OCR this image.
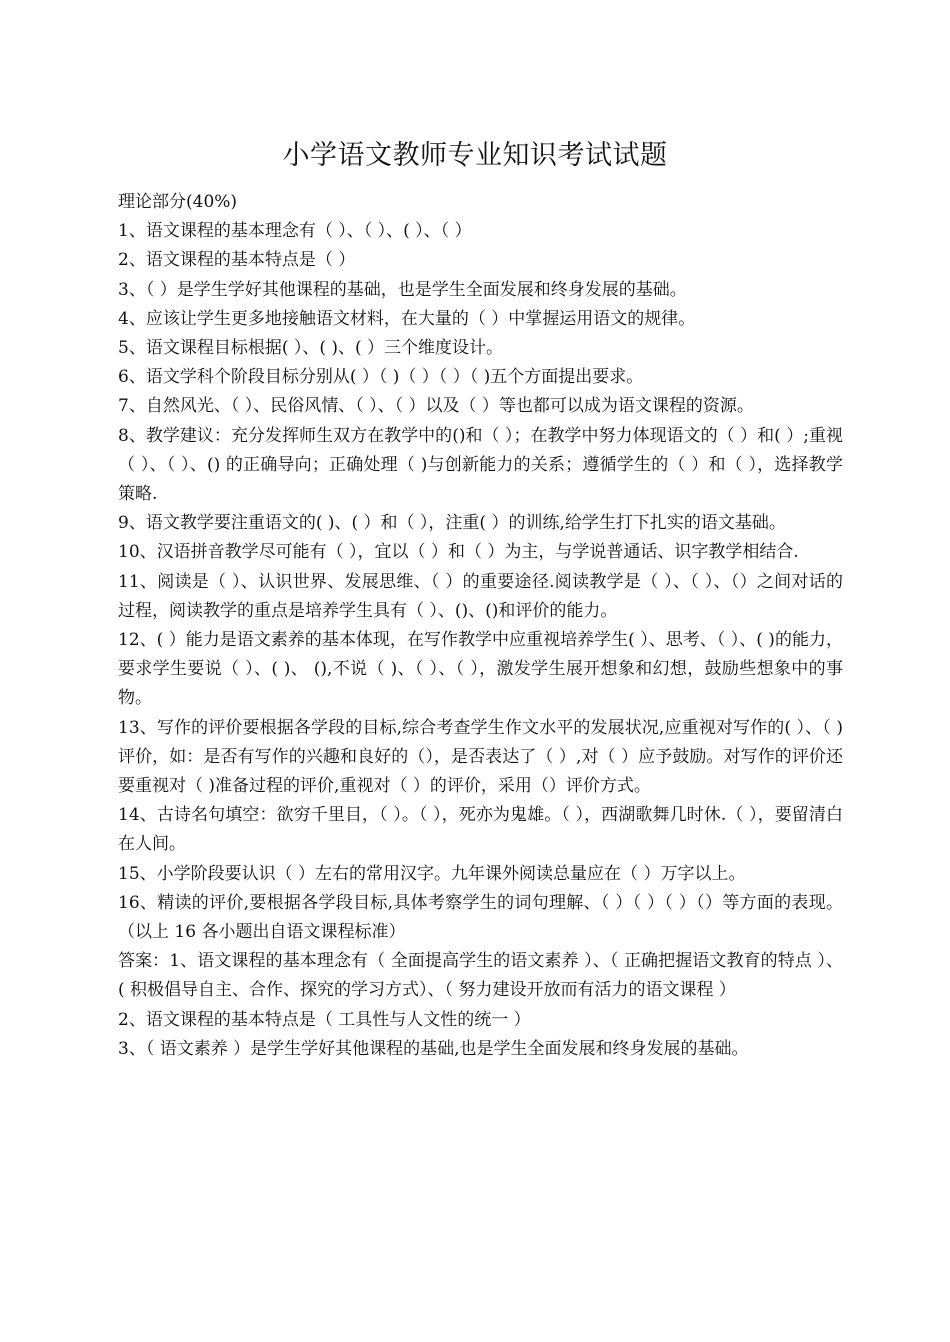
小学语文教师专业知识考试试题

理论部分(40%)

1、语文课程的基本理念有（ ）、（ ）、( ）、（ ）

2、语文课程的基本特点是（ ）

3、（ ）是学生学好其他课程的基础，也是学生全面发展和终身发展的基础。

4、应该让学生更多地接触语文材料，在大量的（ ）中掌握运用语文的规律。

5、语文课程目标根据( ）、( )、( ）三个维度设计。

6、语文学科个阶段目标分别从( ）（ )（ ）（ ）（ )五个方面提出要求。

7、自然风光、（ ）、民俗风情、（ ）、（ ）以及（ ）等也都可以成为语文课程的资源。

8、教学建议：充分发挥师生双方在教学中的()和（ ）；在教学中努力体现语文的（ ）和( ）;重视（ ）、（ ）、() 的正确导向；正确处理（ )与创新能力的关系；遵循学生的（ ）和（ ），选择教学策略.

9、语文教学要注重语文的( )、( ）和（ ），注重( ）的训练,给学生打下扎实的语文基础。

10、汉语拼音教学尽可能有（ ），宜以（ ）和（ ）为主，与学说普通话、识字教学相结合.

11、阅读是（ ）、认识世界、发展思维、（ ）的重要途径.阅读教学是（ ）、（ ）、（）之间对话的过程，阅读教学的重点是培养学生具有（ ）、()、()和评价的能力。

12、( ）能力是语文素养的基本体现，在写作教学中应重视培养学生( ）、思考、（ ）、( )的能力，要求学生要说（ ）、( )、 (),不说（ )、（ ）、（ ），激发学生展开想象和幻想，鼓励些想象中的事物。

13、写作的评价要根据各学段的目标,综合考查学生作文水平的发展状况,应重视对写作的( ）、（ )评价，如：是否有写作的兴趣和良好的（），是否表达了（ ）,对（ ）应予鼓励。对写作的评价还要重视对（ )准备过程的评价,重视对（ ）的评价，采用（）评价方式。

14、古诗名句填空：欲穷千里目，（ ）。（ ），死亦为鬼雄。（ ），西湖歌舞几时休.（ ），要留清白在人间。

15、小学阶段要认识（ ）左右的常用汉字。九年课外阅读总量应在（ ）万字以上。

16、精读的评价,要根据各学段目标,具体考察学生的词句理解、（ ）（ ）（ ）（）等方面的表现。（以上 16 各小题出自语文课程标准）

答案：1、语文课程的基本理念有（ 全面提高学生的语文素养 ）、（ 正确把握语文教育的特点 ）、( 积极倡导自主、合作、探究的学习方式）、（ 努力建设开放而有活力的语文课程 ）

2、语文课程的基本特点是（ 工具性与人文性的统一 ）

3、（ 语文素养 ）是学生学好其他课程的基础,也是学生全面发展和终身发展的基础。
